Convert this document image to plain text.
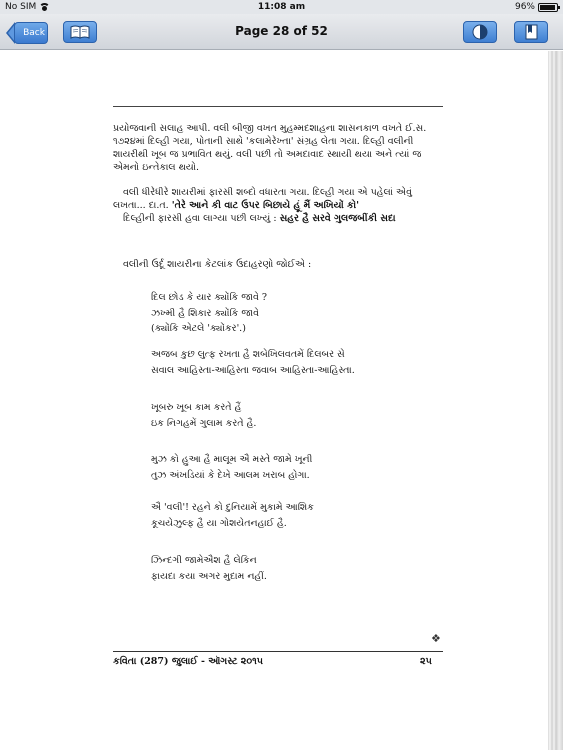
No SIM	11:08 am	96%
Back	Page 28 of 52
પ્રયોજવાની સલાહ આપી. વલી બીજી વખત મુહમ્મદશાહના શાસનકાળ વખતે ઈ.સ.
૧૭૨૪માં દિલ્હી ગયા, પોતાની સાથે 'કલામેરેખ્તા' સંગ્રહ લેતા ગયા. દિલ્હી વલીની
શાયરીથી ખૂબ જ પ્રભાવિત થયું. વલી પછી તો અમદાવાદ સ્થાયી થયા અને ત્યાં જ
એમનો ઇન્તેકાલ થયો.
વલી ધીરેધીરે શાયરીમાં ફારસી શબ્દો વધારતા ગયા. દિલ્હી ગયા એ પહેલાં એવું
લખતા... દા.ત. 'તેરે આને કી વાટ ઉપર બિછાયે હૂં મૈં અખિયોં કો'
દિલ્હીની ફારસી હવા લાગ્યા પછી લખ્યું : સહર હૈ સરવે ગુલજબીંકી સદા
વલીની ઉર્દૂ શાયરીના કેટલાંક ઉદાહરણો જોઈએ :
દિલ છોડ કે યાર ક્યોંકિ જાવે ?
ઝખ્મી હૈ શિકાર ક્યોંકિ જાવે
(ક્યોંકિ એટલે 'ક્યોંકર'.)
અજબ કુછ લુત્ફ રખતા હૈ શબેખિલવતમેં દિલબર સે
સવાલ આહિસ્તા-આહિસ્તા જવાબ આહિસ્તા-આહિસ્તા.
ખૂબરુ ખૂબ કામ કરતે હૈં
ઇક નિગહમેં ગુલામ કરતે હૈ.
મુઝ કો હુઆ હૈ માલૂમ ઐ મસ્તે જામે ખૂની
તુઝ અંખડિયાં કે દેખે આલમ ખરાબ હોગા.
ઐ 'વલી'! રહને કો દુનિયામેં મુકામે આશિક
કૂચયેઝુલ્ફ હૈ યા ગોશયેતનહાઈ હૈ.
ઝિન્દગી જામેઐશ હૈ લેકિન
ફાયદા કયા અગર મુદામ નહીં.
❖
કવિતા (287) જુલાઈ - ઑગસ્ટ ૨૦૧૫	૨૫
